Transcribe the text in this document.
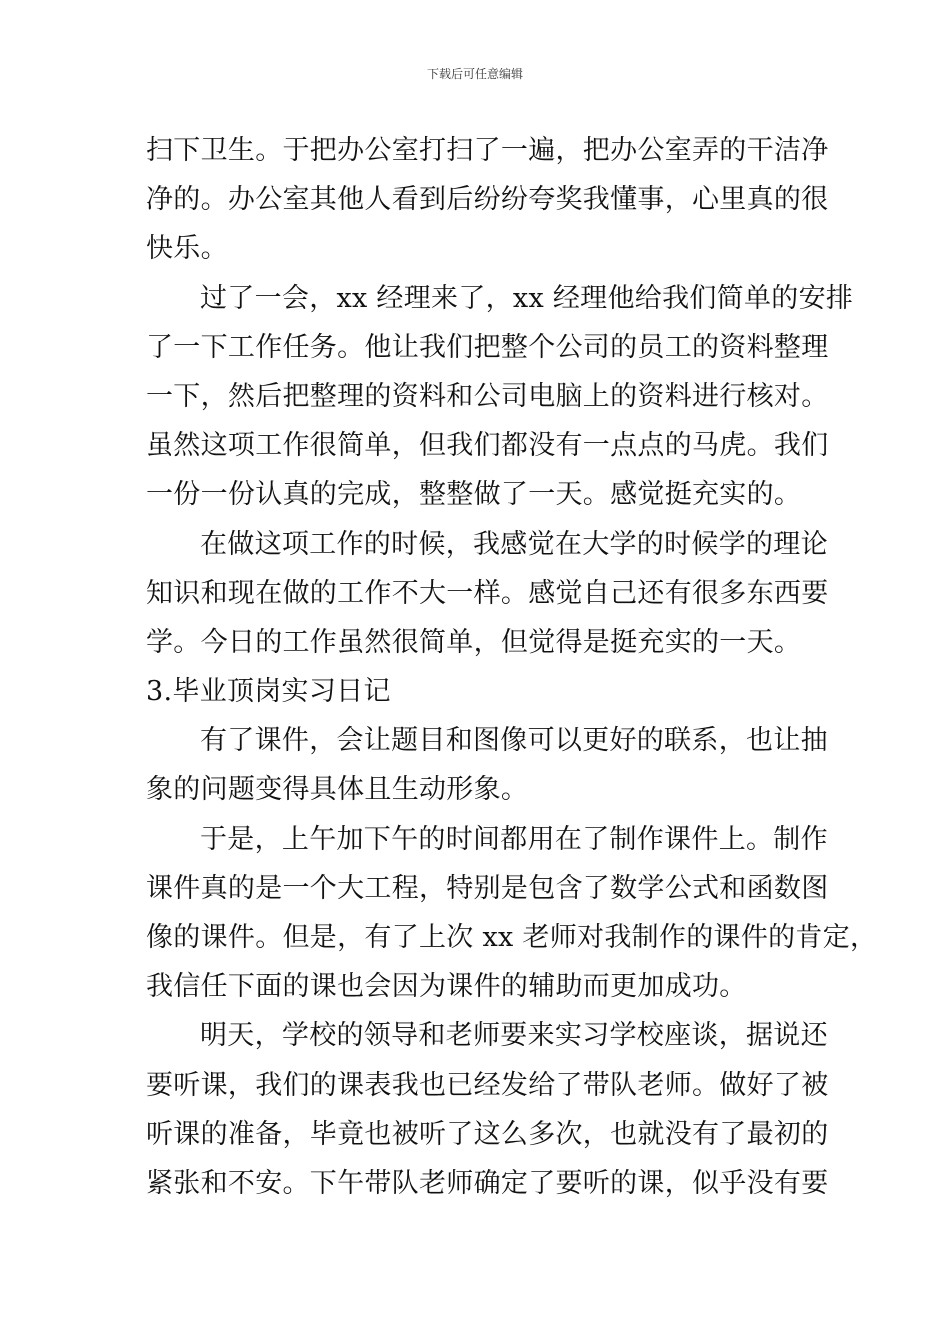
下载后可任意编辑
扫下卫生。于把办公室打扫了一遍，把办公室弄的干洁净
净的。办公室其他人看到后纷纷夸奖我懂事，心里真的很
快乐。
过了一会，xx 经理来了，xx 经理他给我们简单的安排
了一下工作任务。他让我们把整个公司的员工的资料整理
一下，然后把整理的资料和公司电脑上的资料进行核对。
虽然这项工作很简单，但我们都没有一点点的马虎。我们
一份一份认真的完成，整整做了一天。感觉挺充实的。
在做这项工作的时候，我感觉在大学的时候学的理论
知识和现在做的工作不大一样。感觉自己还有很多东西要
学。今日的工作虽然很简单，但觉得是挺充实的一天。
3.毕业顶岗实习日记
有了课件，会让题目和图像可以更好的联系，也让抽
象的问题变得具体且生动形象。
于是，上午加下午的时间都用在了制作课件上。制作
课件真的是一个大工程，特别是包含了数学公式和函数图
像的课件。但是，有了上次 xx 老师对我制作的课件的肯定，
我信任下面的课也会因为课件的辅助而更加成功。
明天，学校的领导和老师要来实习学校座谈，据说还
要听课，我们的课表我也已经发给了带队老师。做好了被
听课的准备，毕竟也被听了这么多次，也就没有了最初的
紧张和不安。下午带队老师确定了要听的课，似乎没有要
